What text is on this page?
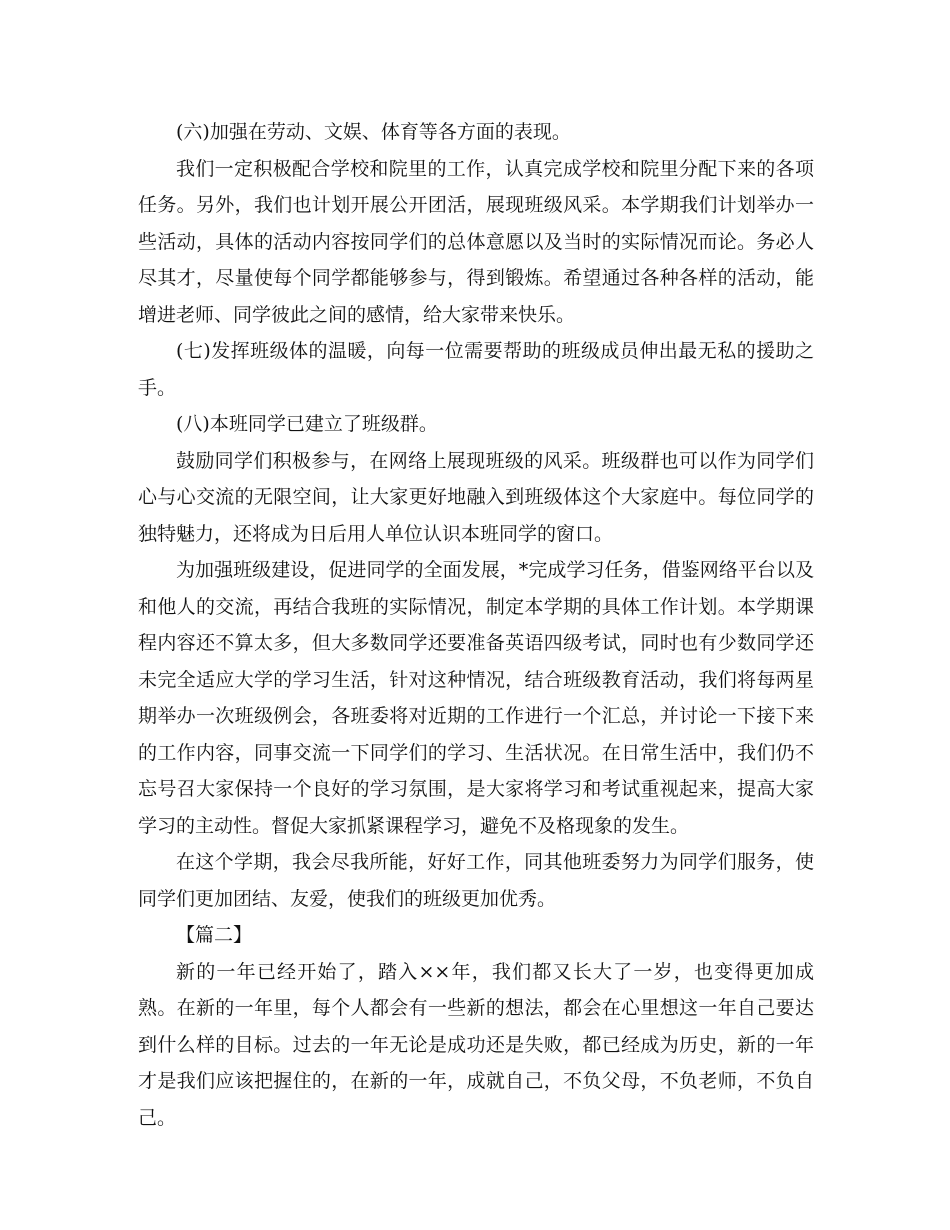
(六)加强在劳动、文娱、体育等各方面的表现。

我们一定积极配合学校和院里的工作，认真完成学校和院里分配下来的各项任务。另外，我们也计划开展公开团活，展现班级风采。本学期我们计划举办一些活动，具体的活动内容按同学们的总体意愿以及当时的实际情况而论。务必人尽其才，尽量使每个同学都能够参与，得到锻炼。希望通过各种各样的活动，能增进老师、同学彼此之间的感情，给大家带来快乐。

(七)发挥班级体的温暖，向每一位需要帮助的班级成员伸出最无私的援助之手。

(八)本班同学已建立了班级群。

鼓励同学们积极参与，在网络上展现班级的风采。班级群也可以作为同学们心与心交流的无限空间，让大家更好地融入到班级体这个大家庭中。每位同学的独特魅力，还将成为日后用人单位认识本班同学的窗口。

为加强班级建设，促进同学的全面发展，*完成学习任务，借鉴网络平台以及和他人的交流，再结合我班的实际情况，制定本学期的具体工作计划。本学期课程内容还不算太多，但大多数同学还要准备英语四级考试，同时也有少数同学还未完全适应大学的学习生活，针对这种情况，结合班级教育活动，我们将每两星期举办一次班级例会，各班委将对近期的工作进行一个汇总，并讨论一下接下来的工作内容，同事交流一下同学们的学习、生活状况。在日常生活中，我们仍不忘号召大家保持一个良好的学习氛围，是大家将学习和考试重视起来，提高大家学习的主动性。督促大家抓紧课程学习，避免不及格现象的发生。

在这个学期，我会尽我所能，好好工作，同其他班委努力为同学们服务，使同学们更加团结、友爱，使我们的班级更加优秀。

【篇二】

新的一年已经开始了，踏入××年，我们都又长大了一岁，也变得更加成熟。在新的一年里，每个人都会有一些新的想法，都会在心里想这一年自己要达到什么样的目标。过去的一年无论是成功还是失败，都已经成为历史，新的一年才是我们应该把握住的，在新的一年，成就自己，不负父母，不负老师，不负自己。
